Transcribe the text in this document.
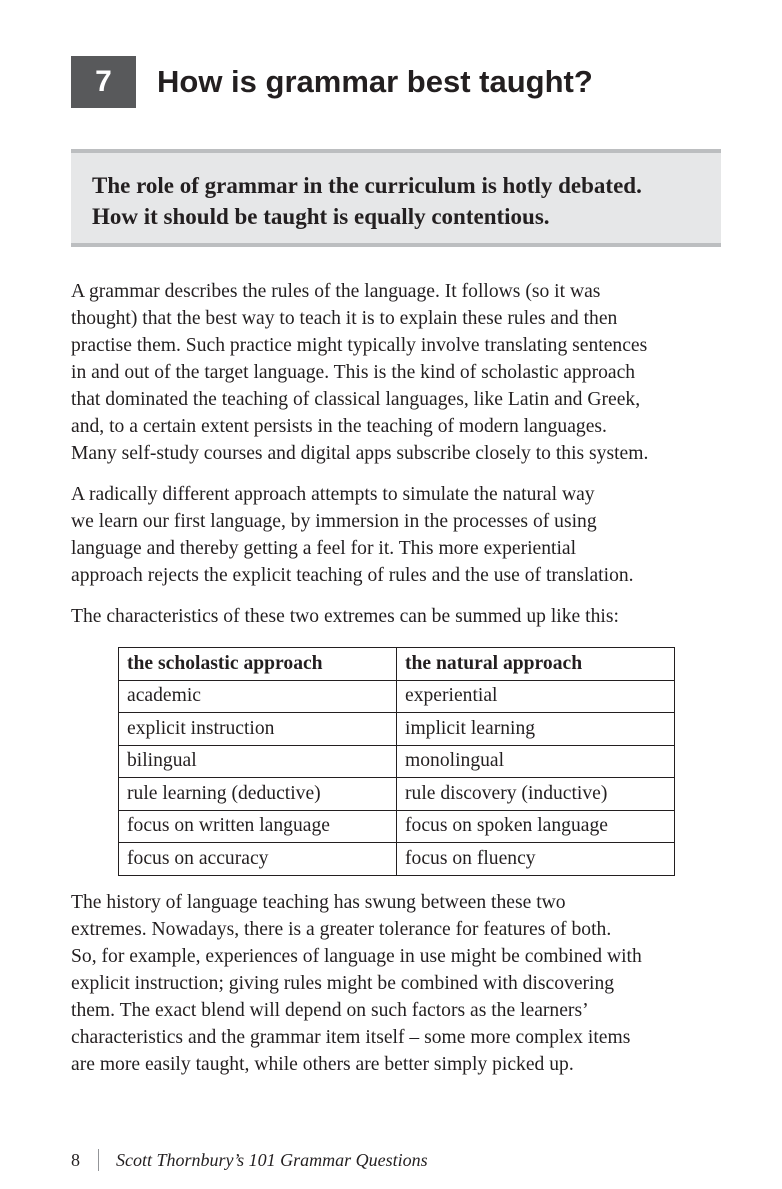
7	How is grammar best taught?
The role of grammar in the curriculum is hotly debated.
How it should be taught is equally contentious.

A grammar describes the rules of the language. It follows (so it was
thought) that the best way to teach it is to explain these rules and then
practise them. Such practice might typically involve translating sentences
in and out of the target language. This is the kind of scholastic approach
that dominated the teaching of classical languages, like Latin and Greek,
and, to a certain extent persists in the teaching of modern languages.
Many self-study courses and digital apps subscribe closely to this system.

A radically different approach attempts to simulate the natural way
we learn our first language, by immersion in the processes of using
language and thereby getting a feel for it. This more experiential
approach rejects the explicit teaching of rules and the use of translation.

The characteristics of these two extremes can be summed up like this:

the scholastic approach	the natural approach
academic	experiential
explicit instruction	implicit learning
bilingual	monolingual
rule learning (deductive)	rule discovery (inductive)
focus on written language	focus on spoken language
focus on accuracy	focus on fluency

The history of language teaching has swung between these two
extremes. Nowadays, there is a greater tolerance for features of both.
So, for example, experiences of language in use might be combined with
explicit instruction; giving rules might be combined with discovering
them. The exact blend will depend on such factors as the learners’
characteristics and the grammar item itself – some more complex items
are more easily taught, while others are better simply picked up.

8 Scott Thornbury’s 101 Grammar Questions
